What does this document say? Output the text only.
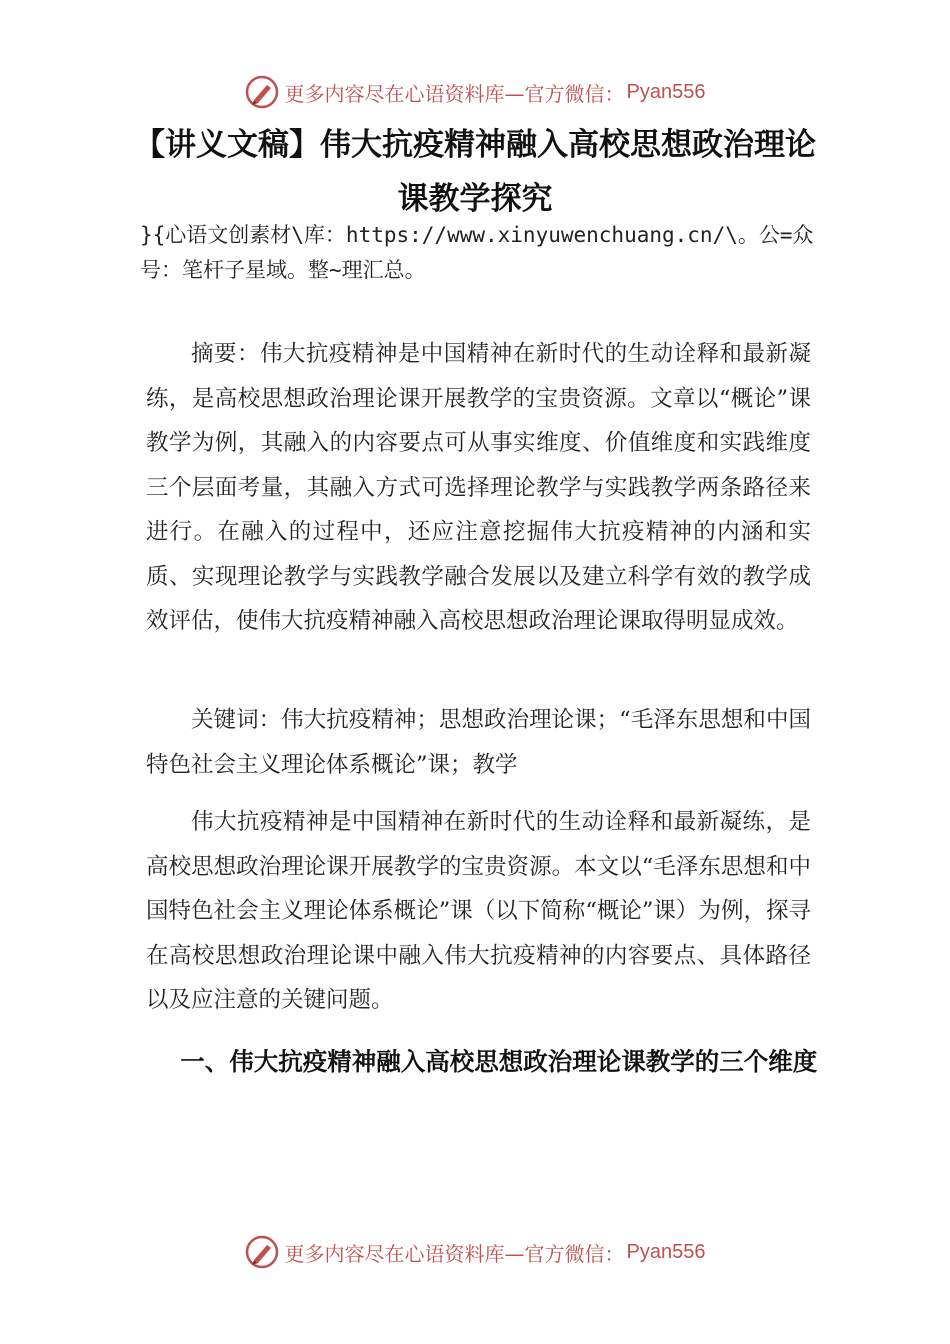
更多内容尽在心语资料库—官方微信： Pyan556
【讲义文稿】伟大抗疫精神融入高校思想政治理论课教学探究
}{心语文创素材\库：https://www.xinyuwenchuang.cn/\。公=众号：笔杆子星域。整~理汇总。

摘要：伟大抗疫精神是中国精神在新时代的生动诠释和最新凝练，是高校思想政治理论课开展教学的宝贵资源。文章以“概论”课教学为例，其融入的内容要点可从事实维度、价值维度和实践维度三个层面考量，其融入方式可选择理论教学与实践教学两条路径来进行。在融入的过程中，还应注意挖掘伟大抗疫精神的内涵和实质、实现理论教学与实践教学融合发展以及建立科学有效的教学成效评估，使伟大抗疫精神融入高校思想政治理论课取得明显成效。

关键词：伟大抗疫精神；思想政治理论课；“毛泽东思想和中国特色社会主义理论体系概论”课；教学

伟大抗疫精神是中国精神在新时代的生动诠释和最新凝练，是高校思想政治理论课开展教学的宝贵资源。本文以“毛泽东思想和中国特色社会主义理论体系概论”课（以下简称“概论”课）为例，探寻在高校思想政治理论课中融入伟大抗疫精神的内容要点、具体路径以及应注意的关键问题。

一、伟大抗疫精神融入高校思想政治理论课教学的三个维度
更多内容尽在心语资料库—官方微信： Pyan556
